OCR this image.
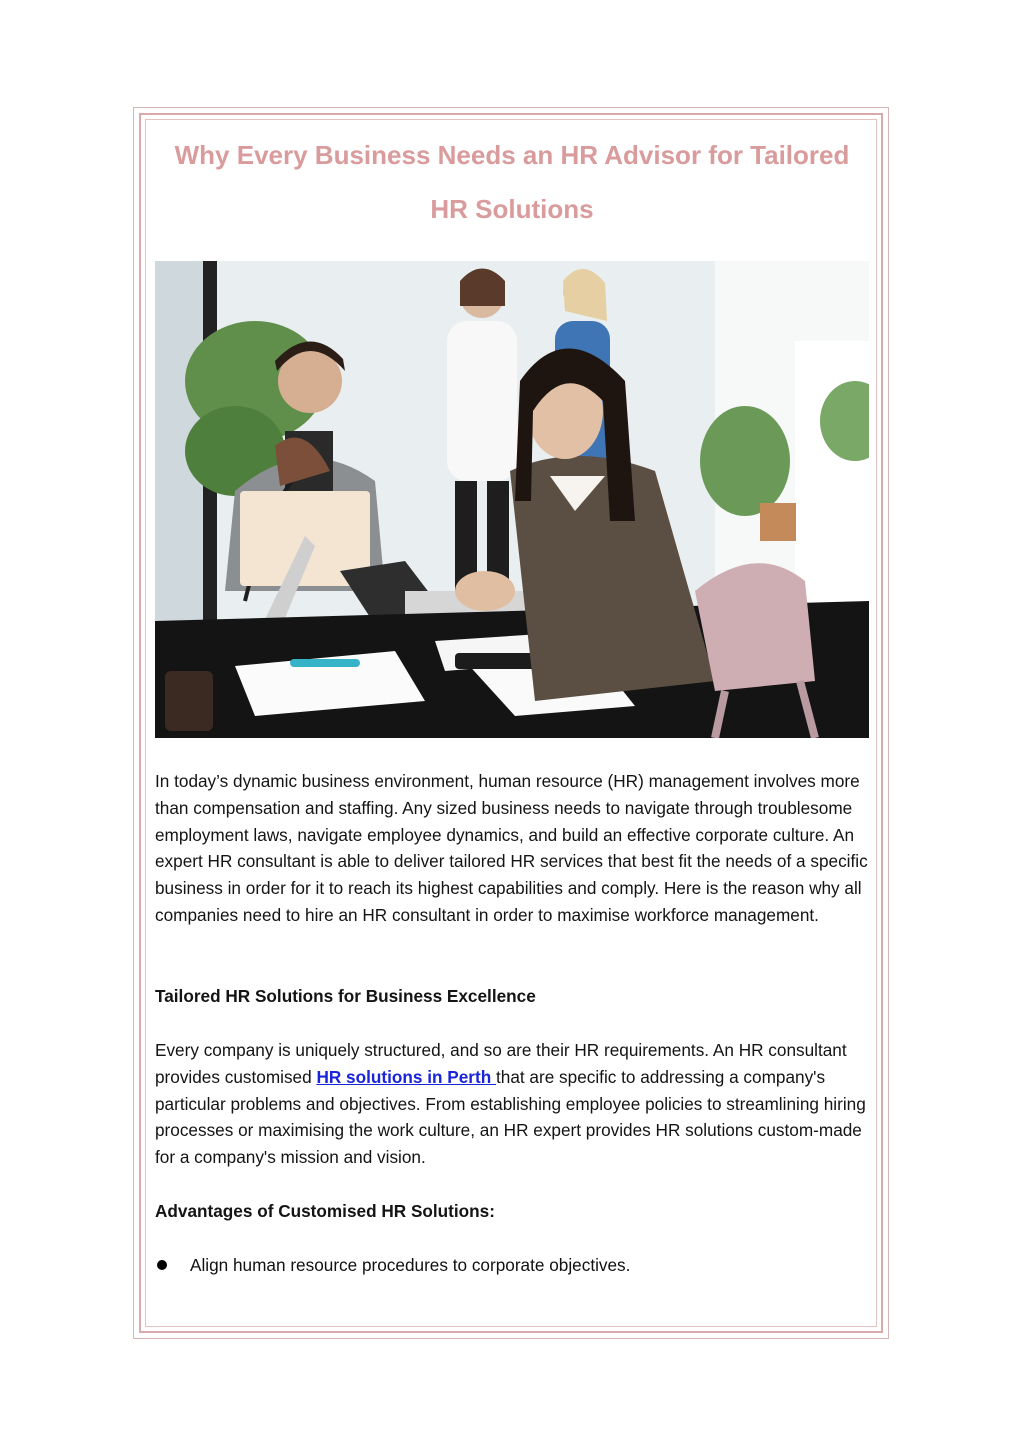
Why Every Business Needs an HR Advisor for Tailored
HR Solutions

In today’s dynamic business environment, human resource (HR) management involves more than compensation and staffing. Any sized business needs to navigate through troublesome employment laws, navigate employee dynamics, and build an effective corporate culture. An expert HR consultant is able to deliver tailored HR services that best fit the needs of a specific business in order for it to reach its highest capabilities and comply. Here is the reason why all companies need to hire an HR consultant in order to maximise workforce management.

Tailored HR Solutions for Business Excellence

Every company is uniquely structured, and so are their HR requirements. An HR consultant provides customised HR solutions in Perth that are specific to addressing a company's particular problems and objectives. From establishing employee policies to streamlining hiring processes or maximising the work culture, an HR expert provides HR solutions custom-made for a company's mission and vision.

Advantages of Customised HR Solutions:

Align human resource procedures to corporate objectives.
